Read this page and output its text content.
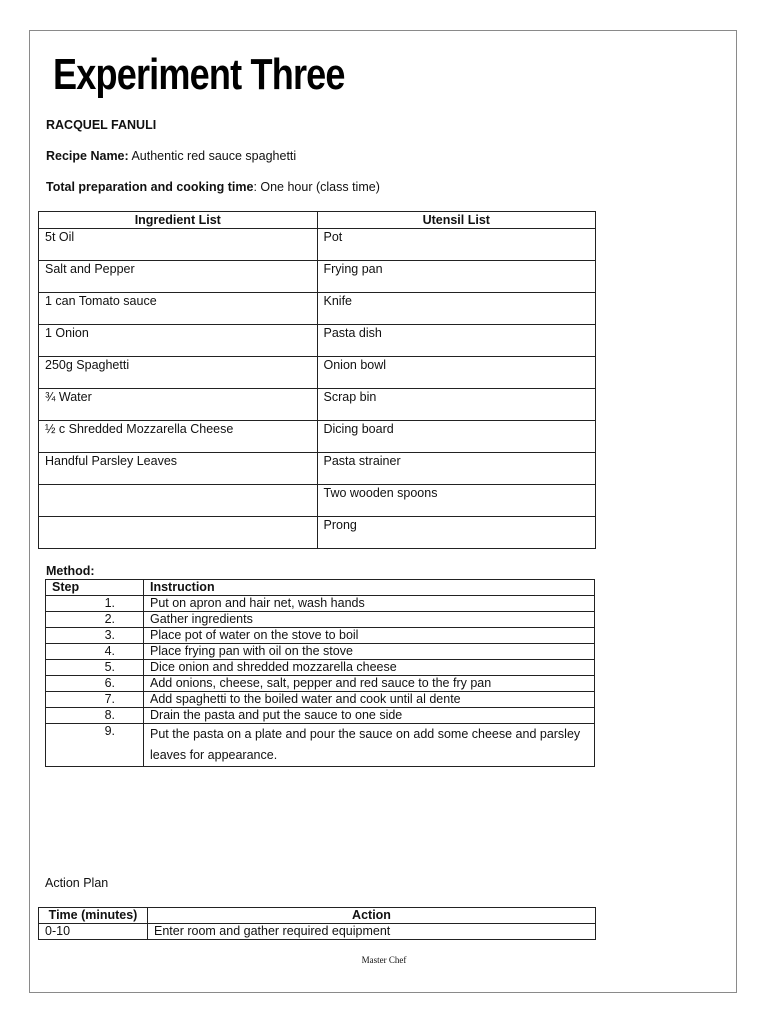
Experiment Three
RACQUEL FANULI
Recipe Name: Authentic red sauce spaghetti
Total preparation and cooking time: One hour (class time)
Ingredient List	Utensil List
5t Oil	Pot
Salt and Pepper	Frying pan
1 can Tomato sauce	Knife
1 Onion	Pasta dish
250g Spaghetti	Onion bowl
¾ Water	Scrap bin
½ c Shredded Mozzarella Cheese	Dicing board
Handful Parsley Leaves	Pasta strainer
	Two wooden spoons
	Prong
Method:
Step	Instruction
1.	Put on apron and hair net, wash hands
2.	Gather ingredients
3.	Place pot of water on the stove to boil
4.	Place frying pan with oil on the stove
5.	Dice onion and shredded mozzarella cheese
6.	Add onions, cheese, salt, pepper and red sauce to the fry pan
7.	Add spaghetti to the boiled water and cook until al dente
8.	Drain the pasta and put the sauce to one side
9.	Put the pasta on a plate and pour the sauce on add some cheese and parsley leaves for appearance.
Action Plan
Time (minutes)	Action
0-10	Enter room and gather required equipment
Master Chef
